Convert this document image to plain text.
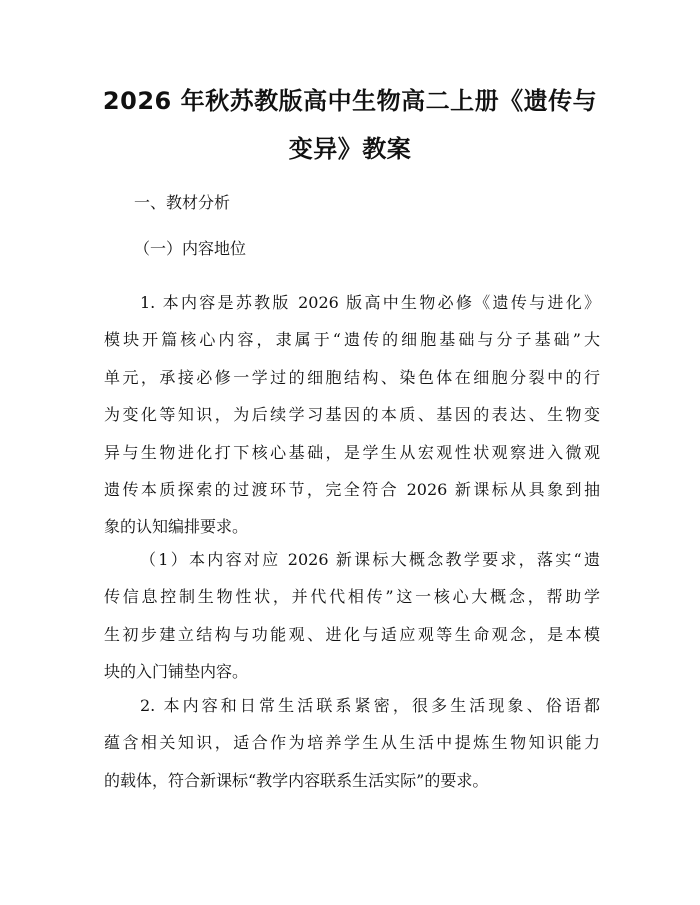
2026 年秋苏教版高中生物高二上册《遗传与
变异》教案

一、教材分析

（一）内容地位

1. 本内容是苏教版 2026 版高中生物必修《遗传与进化》
模块开篇核心内容，隶属于“遗传的细胞基础与分子基础”大
单元，承接必修一学过的细胞结构、染色体在细胞分裂中的行
为变化等知识，为后续学习基因的本质、基因的表达、生物变
异与生物进化打下核心基础，是学生从宏观性状观察进入微观
遗传本质探索的过渡环节，完全符合 2026 新课标从具象到抽
象的认知编排要求。
（1）本内容对应 2026 新课标大概念教学要求，落实“遗
传信息控制生物性状，并代代相传”这一核心大概念，帮助学
生初步建立结构与功能观、进化与适应观等生命观念，是本模
块的入门铺垫内容。
2. 本内容和日常生活联系紧密，很多生活现象、俗语都
蕴含相关知识，适合作为培养学生从生活中提炼生物知识能力
的载体，符合新课标“教学内容联系生活实际”的要求。
